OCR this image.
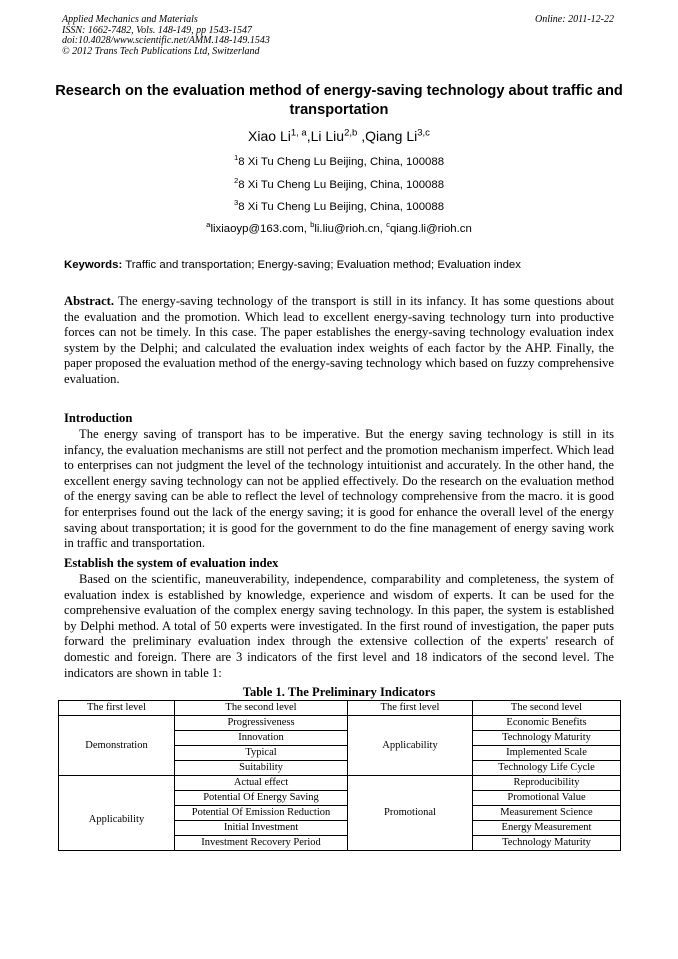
Applied Mechanics and Materials
ISSN: 1662-7482, Vols. 148-149, pp 1543-1547
doi:10.4028/www.scientific.net/AMM.148-149.1543
© 2012 Trans Tech Publications Ltd, Switzerland
Online: 2011-12-22
Research on the evaluation method of energy-saving technology about traffic and transportation
Xiao Li$^{1, a}$,Li Liu$^{2,b}$ ,Qiang Li$^{3,c}$
$^1$8 Xi Tu Cheng Lu Beijing, China, 100088
$^2$8 Xi Tu Cheng Lu Beijing, China, 100088
$^3$8 Xi Tu Cheng Lu Beijing, China, 100088
$^a$lixiaoyp@163.com, $^b$li.liu@rioh.cn, $^c$qiang.li@rioh.cn
Keywords: Traffic and transportation; Energy-saving; Evaluation method; Evaluation index
Abstract. The energy-saving technology of the transport is still in its infancy. It has some questions about the evaluation and the promotion. Which lead to excellent energy-saving technology turn into productive forces can not be timely. In this case. The paper establishes the energy-saving technology evaluation index system by the Delphi; and calculated the evaluation index weights of each factor by the AHP. Finally, the paper proposed the evaluation method of the energy-saving technology which based on fuzzy comprehensive evaluation.
Introduction
The energy saving of transport has to be imperative. But the energy saving technology is still in its infancy, the evaluation mechanisms are still not perfect and the promotion mechanism imperfect. Which lead to enterprises can not judgment the level of the technology intuitionist and accurately. In the other hand, the excellent energy saving technology can not be applied effectively. Do the research on the evaluation method of the energy saving can be able to reflect the level of technology comprehensive from the macro. it is good for enterprises found out the lack of the energy saving; it is good for enhance the overall level of the energy saving about transportation; it is good for the government to do the fine management of energy saving work in traffic and transportation.
Establish the system of evaluation index
Based on the scientific, maneuverability, independence, comparability and completeness, the system of evaluation index is established by knowledge, experience and wisdom of experts. It can be used for the comprehensive evaluation of the complex energy saving technology. In this paper, the system is established by Delphi method. A total of 50 experts were investigated. In the first round of investigation, the paper puts forward the preliminary evaluation index through the extensive collection of the experts' research of domestic and foreign. There are 3 indicators of the first level and 18 indicators of the second level. The indicators are shown in table 1:
Table 1. The Preliminary Indicators
The first level	The second level	The first level	The second level
Demonstration	Progressiveness	Applicability	Economic Benefits
	Innovation		Technology Maturity
	Typical		Implemented Scale
	Suitability		Technology Life Cycle
	Actual effect	Promotional	Reproducibility
Applicability	Potential Of Energy Saving		Promotional Value
	Potential Of Emission Reduction		Measurement Science
	Initial Investment		Energy Measurement
	Investment Recovery Period		Technology Maturity
